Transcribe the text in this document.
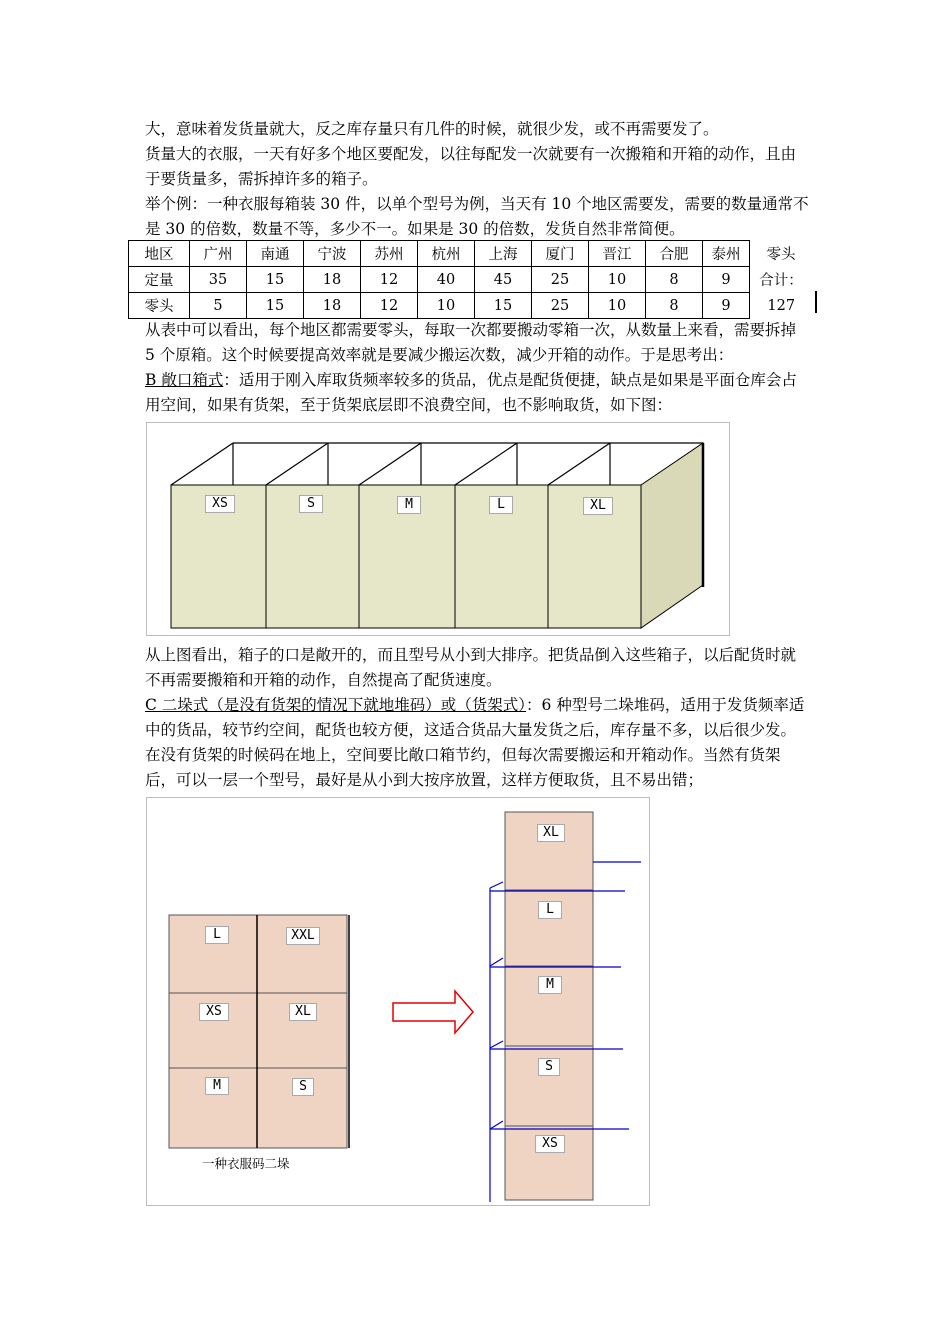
大，意味着发货量就大，反之库存量只有几件的时候，就很少发，或不再需要发了。
货量大的衣服，一天有好多个地区要配发，以往每配发一次就要有一次搬箱和开箱的动作，且由于要货量多，需拆掉许多的箱子。
举个例：一种衣服每箱装 30 件，以单个型号为例，当天有 10 个地区需要发，需要的数量通常不是 30 的倍数，数量不等，多少不一。如果是 30 的倍数，发货自然非常简便。
地区	广州	南通	宁波	苏州	杭州	上海	厦门	晋江	合肥	泰州	零头
定量	35	15	18	12	40	45	25	10	8	9	合计：
零头	5	15	18	12	10	15	25	10	8	9	127
从表中可以看出，每个地区都需要零头，每取一次都要搬动零箱一次，从数量上来看，需要拆掉 5 个原箱。这个时候要提高效率就是要减少搬运次数，减少开箱的动作。于是思考出：
B 敞口箱式：适用于刚入库取货频率较多的货品，优点是配货便捷，缺点是如果是平面仓库会占用空间，如果有货架，至于货架底层即不浪费空间，也不影响取货，如下图：
XS	S	M	L	XL
从上图看出，箱子的口是敞开的，而且型号从小到大排序。把货品倒入这些箱子，以后配货时就不再需要搬箱和开箱的动作，自然提高了配货速度。
C 二垛式（是没有货架的情况下就地堆码）或（货架式）：6 种型号二垛堆码，适用于发货频率适中的货品，较节约空间，配货也较方便，这适合货品大量发货之后，库存量不多，以后很少发。在没有货架的时候码在地上，空间要比敞口箱节约，但每次需要搬运和开箱动作。当然有货架后，可以一层一个型号，最好是从小到大按序放置，这样方便取货，且不易出错；
L	XXL
XS	XL
M	S
一种衣服码二垛
XL
L
M
S
XS
